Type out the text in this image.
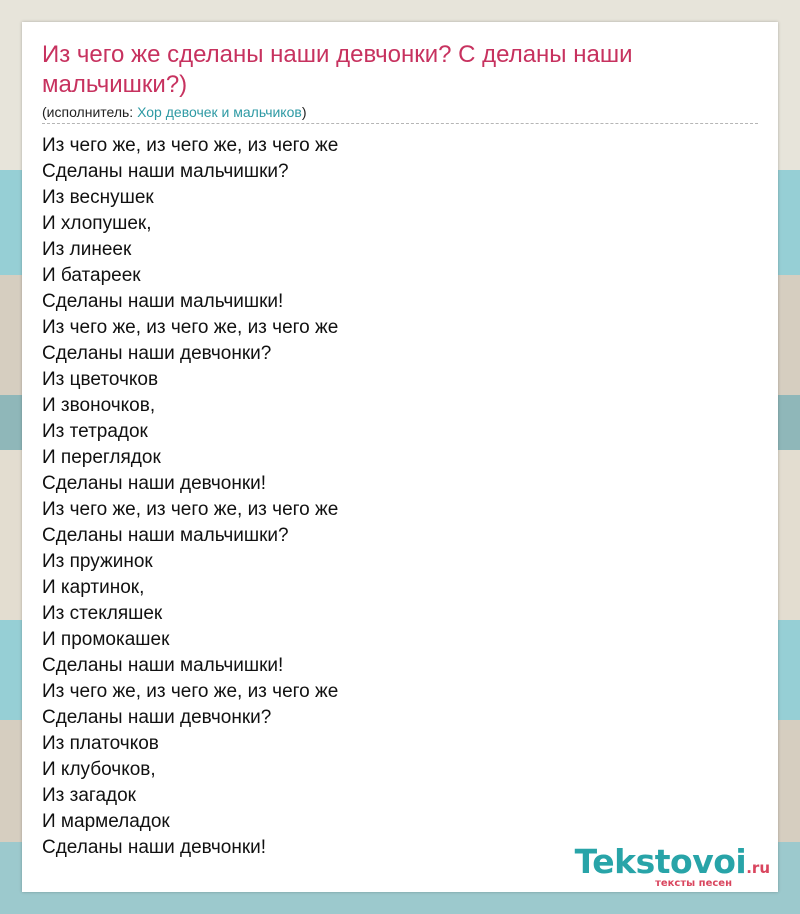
Из чего же сделаны наши девчонки? С деланы наши мальчишки?)
(исполнитель: Хор девочек и мальчиков)
Из чего же, из чего же, из чего же
Сделаны наши мальчишки?
Из веснушек
И хлопушек,
Из линеек
И батареек
Сделаны наши мальчишки!
Из чего же, из чего же, из чего же
Сделаны наши девчонки?
Из цветочков
И звоночков,
Из тетрадок
И переглядок
Сделаны наши девчонки!
Из чего же, из чего же, из чего же
Сделаны наши мальчишки?
Из пружинок
И картинок,
Из стекляшек
И промокашек
Сделаны наши мальчишки!
Из чего же, из чего же, из чего же
Сделаны наши девчонки?
Из платочков
И клубочков,
Из загадок
И мармеладок
Сделаны наши девчонки!	Tekstovoi.ru
тексты песен
